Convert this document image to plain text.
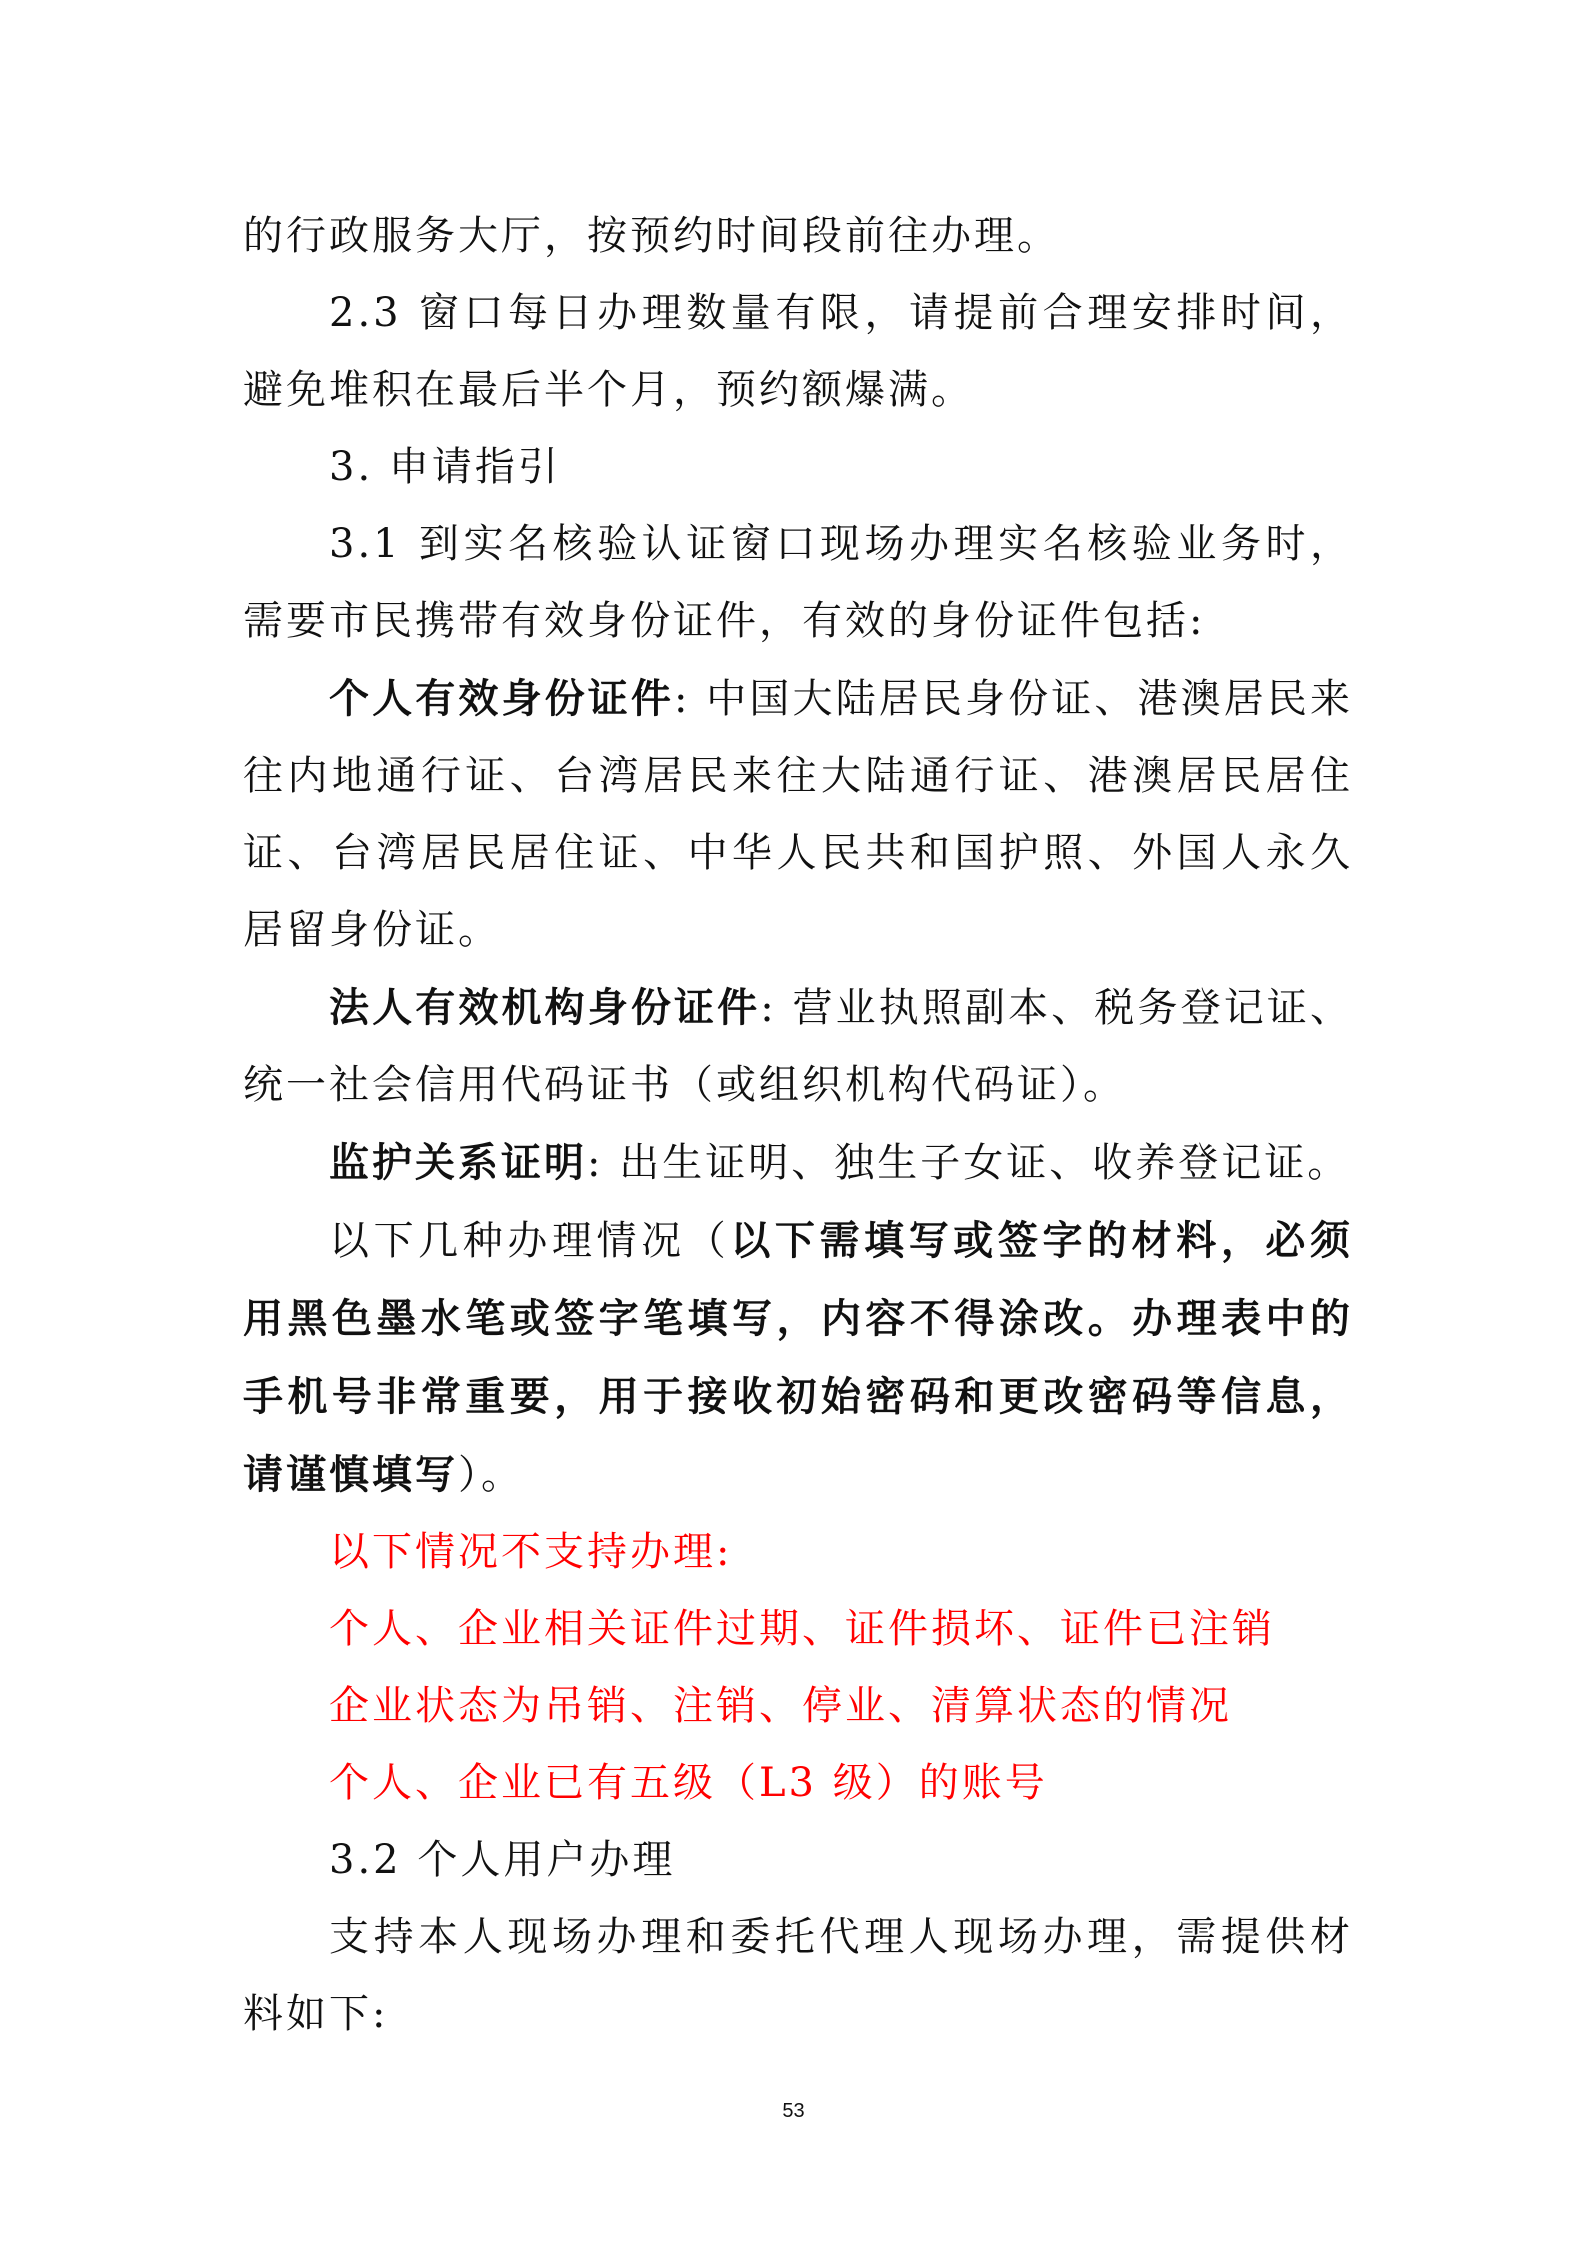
的行政服务大厅，按预约时间段前往办理。

2.3 窗口每日办理数量有限，请提前合理安排时间，避免堆积在最后半个月，预约额爆满。

3. 申请指引

3.1 到实名核验认证窗口现场办理实名核验业务时，需要市民携带有效身份证件，有效的身份证件包括:

个人有效身份证件: 中国大陆居民身份证、港澳居民来往内地通行证、台湾居民来往大陆通行证、港澳居民居住证、台湾居民居住证、中华人民共和国护照、外国人永久居留身份证。

法人有效机构身份证件: 营业执照副本、税务登记证、统一社会信用代码证书（或组织机构代码证）。

监护关系证明: 出生证明、独生子女证、收养登记证。

以下几种办理情况（以下需填写或签字的材料，必须用黑色墨水笔或签字笔填写，内容不得涂改。办理表中的手机号非常重要，用于接收初始密码和更改密码等信息，请谨慎填写）。

以下情况不支持办理:

个人、企业相关证件过期、证件损坏、证件已注销

企业状态为吊销、注销、停业、清算状态的情况

个人、企业已有五级（L3 级）的账号

3.2 个人用户办理

支持本人现场办理和委托代理人现场办理，需提供材料如下:

53
